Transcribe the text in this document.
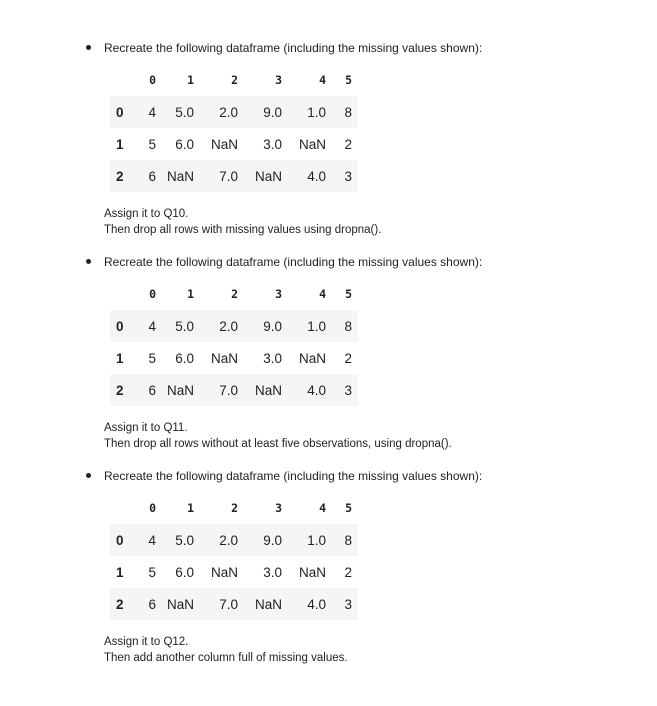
Recreate the following dataframe (including the missing values shown):
	0	1	2	3	4	5
0	4	5.0	2.0	9.0	1.0	8
1	5	6.0	NaN	3.0	NaN	2
2	6	NaN	7.0	NaN	4.0	3
Assign it to Q10.
Then drop all rows with missing values using dropna().
Recreate the following dataframe (including the missing values shown):
	0	1	2	3	4	5
0	4	5.0	2.0	9.0	1.0	8
1	5	6.0	NaN	3.0	NaN	2
2	6	NaN	7.0	NaN	4.0	3
Assign it to Q11.
Then drop all rows without at least five observations, using dropna().
Recreate the following dataframe (including the missing values shown):
	0	1	2	3	4	5
0	4	5.0	2.0	9.0	1.0	8
1	5	6.0	NaN	3.0	NaN	2
2	6	NaN	7.0	NaN	4.0	3
Assign it to Q12.
Then add another column full of missing values.
